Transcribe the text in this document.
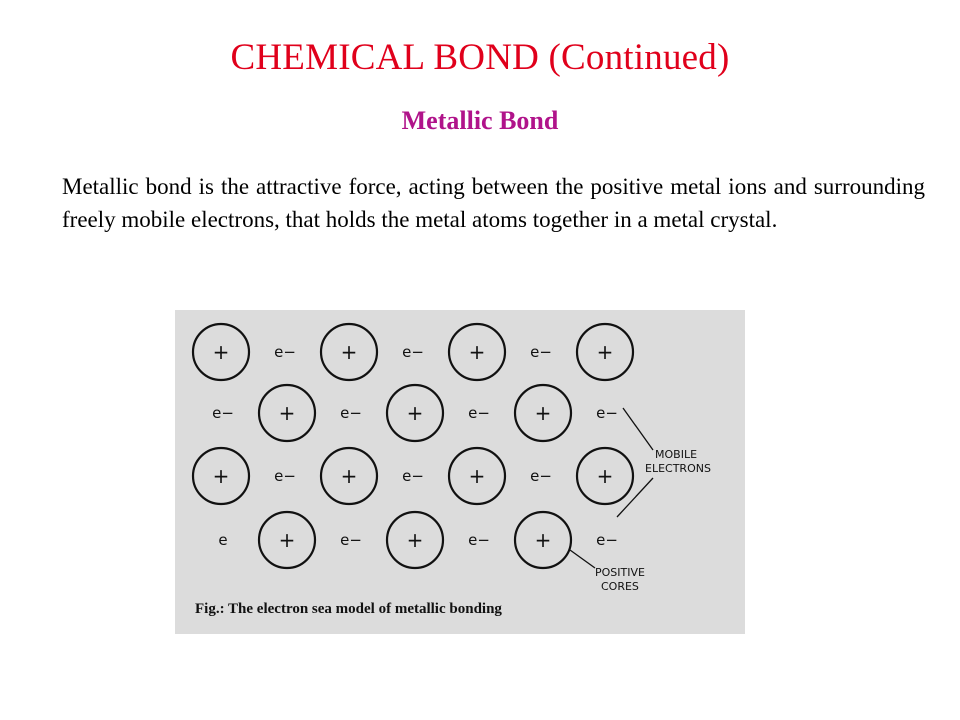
CHEMICAL BOND (Continued)
Metallic Bond
Metallic bond is the attractive force, acting between the positive metal ions and surrounding freely mobile electrons, that holds the metal atoms together in a metal crystal.
+	e− +	e− +	e− +
e− +	e− +	e− +	e−
+	e− +	e− +	e− +
e	+	e− +	e− +	e−
MOBILE
ELECTRONS
POSITIVE
CORES
Fig.: The electron sea model of metallic bonding
